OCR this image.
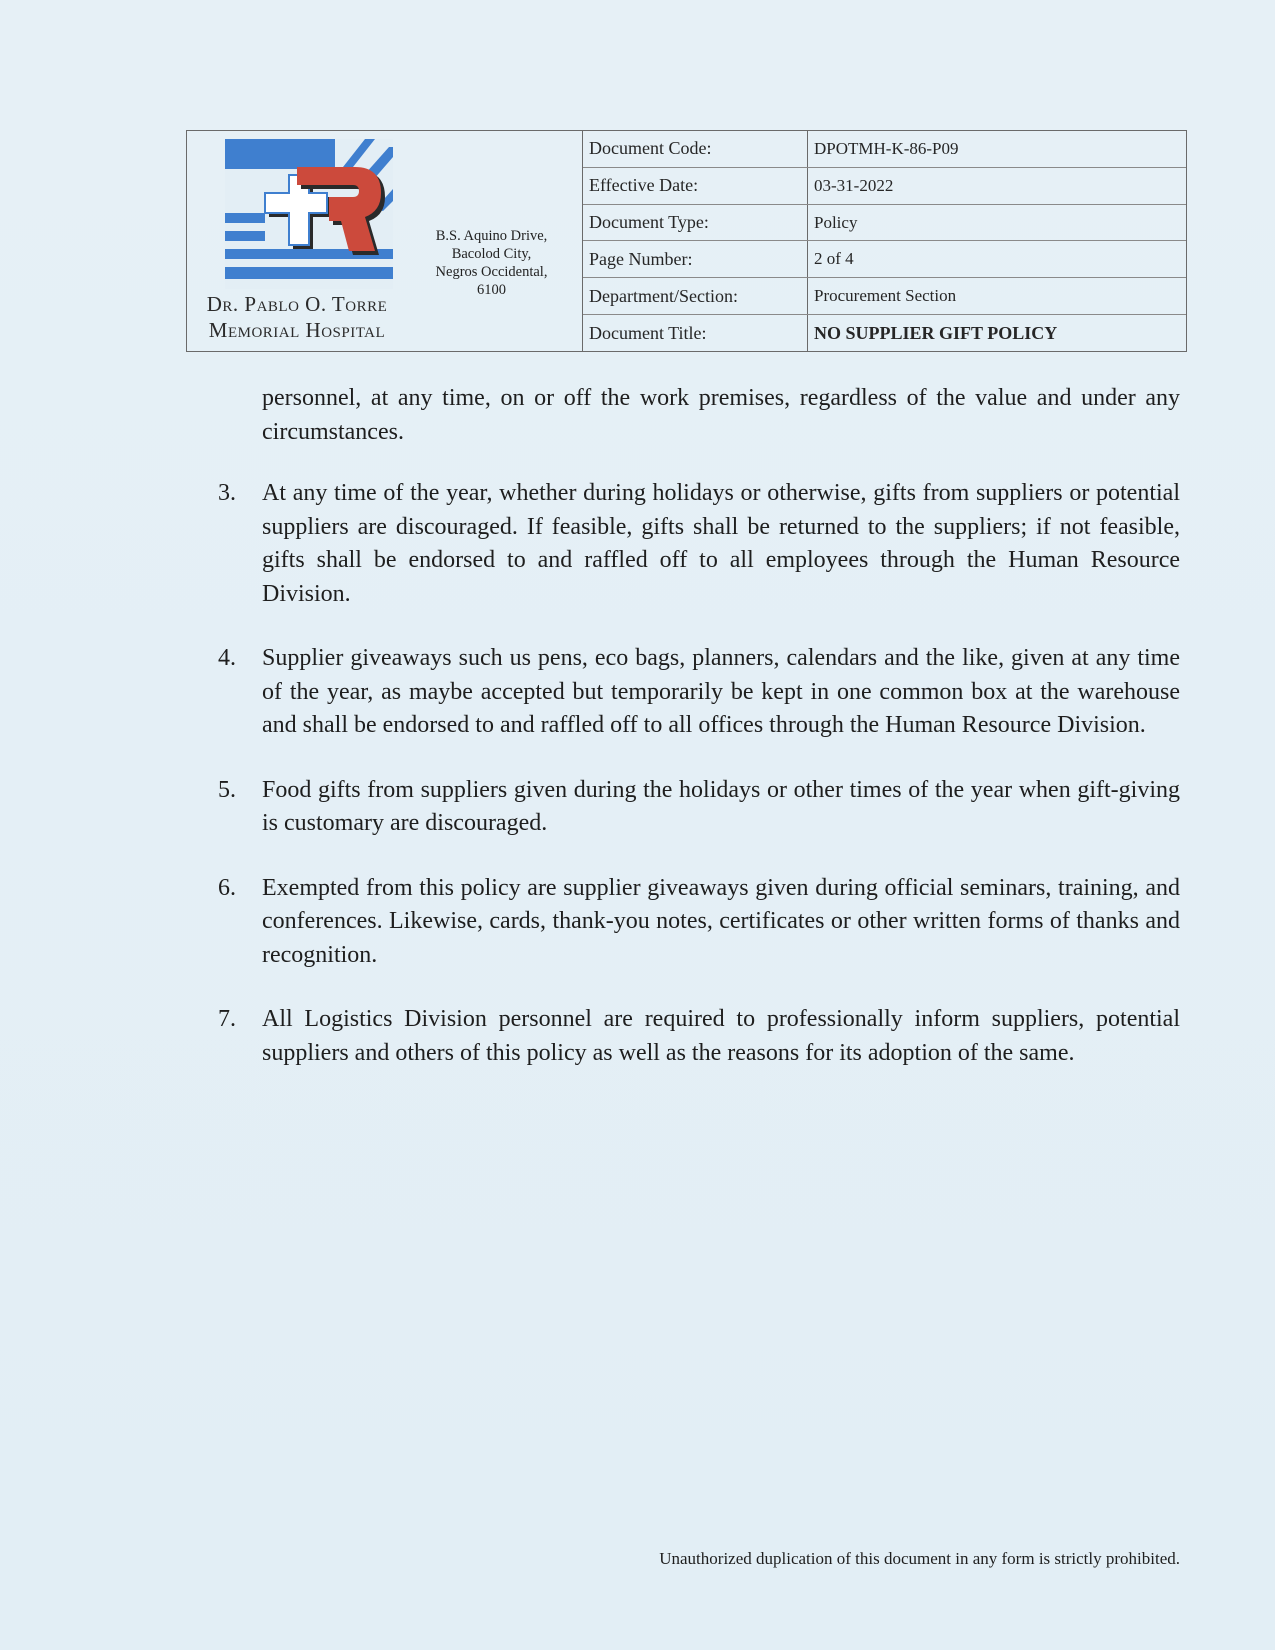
Dr. Pablo O. Torre
Memorial Hospital
B.S. Aquino Drive,
Bacolod City,
Negros Occidental,
6100
Document Code:	DPOTMH-K-86-P09
Effective Date:	03-31-2022
Document Type:	Policy
Page Number:	2 of 4
Department/Section:	Procurement Section
Document Title:	NO SUPPLIER GIFT POLICY

personnel, at any time, on or off the work premises, regardless of the value and under any circumstances.

3.	At any time of the year, whether during holidays or otherwise, gifts from suppliers or potential suppliers are discouraged. If feasible, gifts shall be returned to the suppliers; if not feasible, gifts shall be endorsed to and raffled off to all employees through the Human Resource Division.
4.	Supplier giveaways such us pens, eco bags, planners, calendars and the like, given at any time of the year, as maybe accepted but temporarily be kept in one common box at the warehouse and shall be endorsed to and raffled off to all offices through the Human Resource Division.
5.	Food gifts from suppliers given during the holidays or other times of the year when gift-giving is customary are discouraged.
6.	Exempted from this policy are supplier giveaways given during official seminars, training, and conferences. Likewise, cards, thank-you notes, certificates or other written forms of thanks and recognition.
7.	All Logistics Division personnel are required to professionally inform suppliers, potential suppliers and others of this policy as well as the reasons for its adoption of the same.
Unauthorized duplication of this document in any form is strictly prohibited.
